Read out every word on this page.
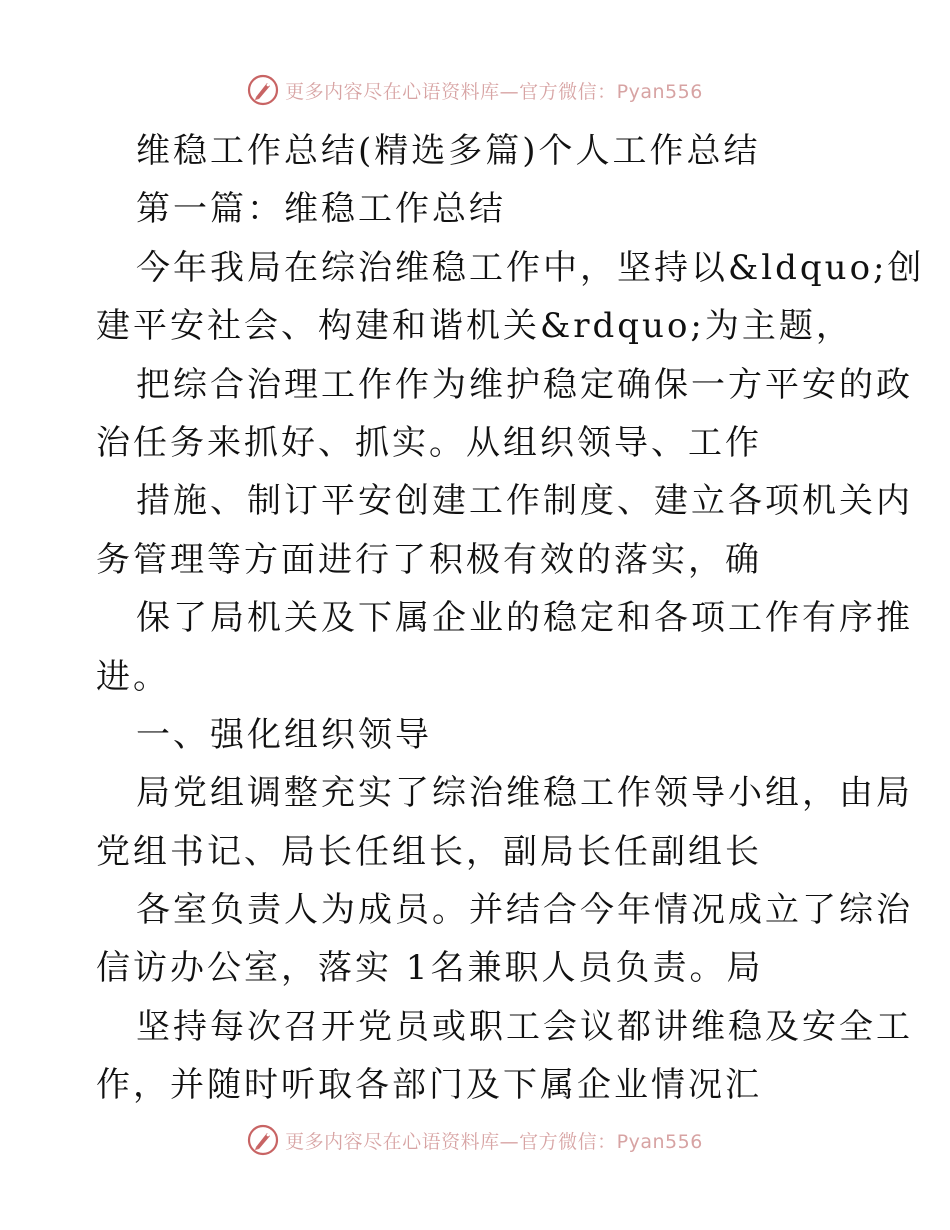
更多内容尽在心语资料库—官方微信：Pyan556
维稳工作总结(精选多篇)个人工作总结
第一篇：维稳工作总结
今年我局在综治维稳工作中，坚持以&ldquo;创
建平安社会、构建和谐机关&rdquo;为主题，
把综合治理工作作为维护稳定确保一方平安的政
治任务来抓好、抓实。从组织领导、工作
措施、制订平安创建工作制度、建立各项机关内
务管理等方面进行了积极有效的落实，确
保了局机关及下属企业的稳定和各项工作有序推
进。
一、强化组织领导
局党组调整充实了综治维稳工作领导小组，由局
党组书记、局长任组长，副局长任副组长
各室负责人为成员。并结合今年情况成立了综治
信访办公室，落实 1名兼职人员负责。局
坚持每次召开党员或职工会议都讲维稳及安全工
作，并随时听取各部门及下属企业情况汇
更多内容尽在心语资料库—官方微信：Pyan556
